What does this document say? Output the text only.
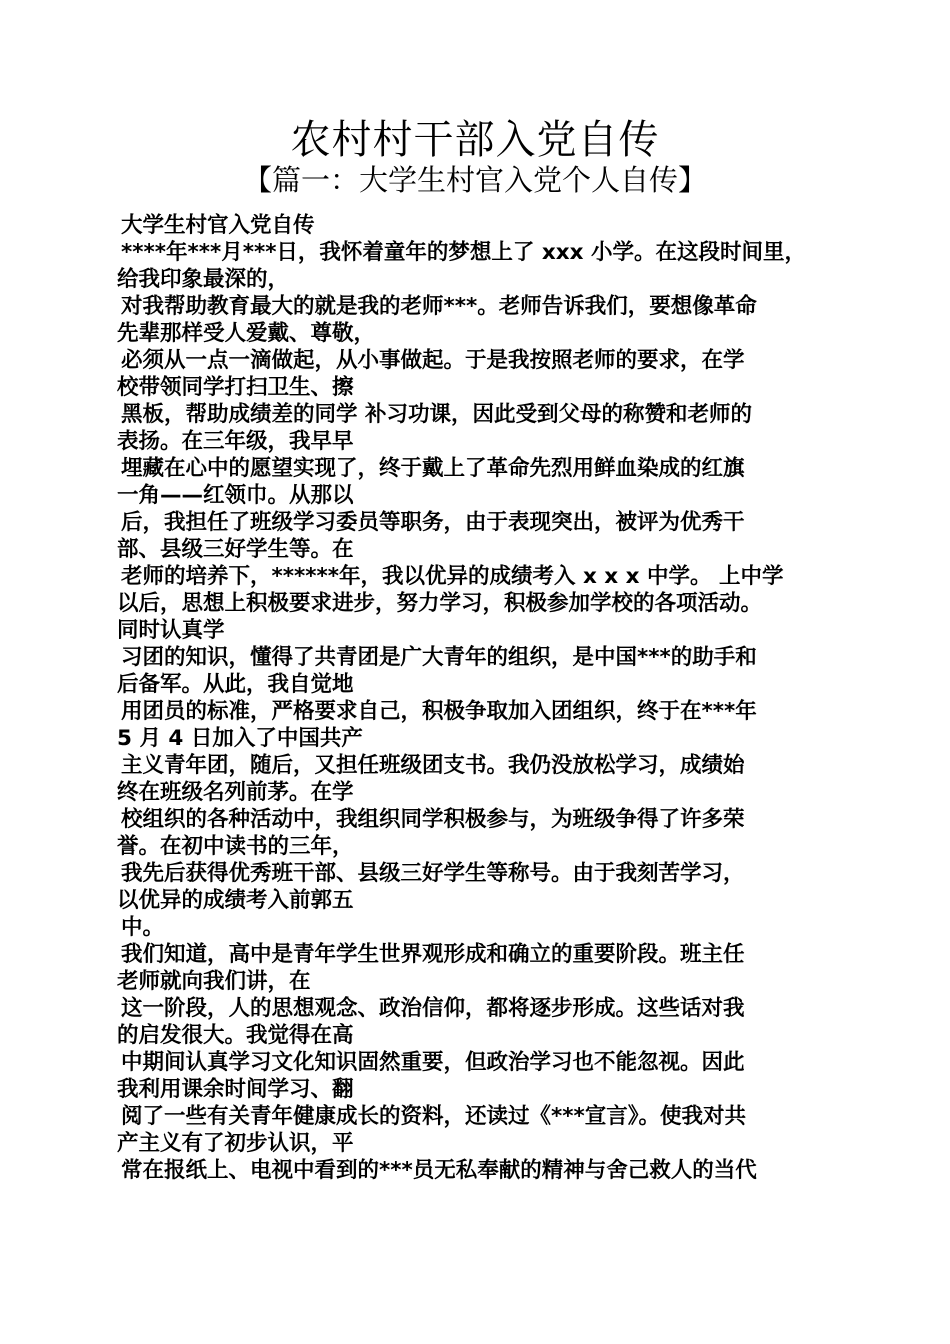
农村村干部入党自传
【篇一：大学生村官入党个人自传】
大学生村官入党自传
****年***月***日，我怀着童年的梦想上了 xxx 小学。在这段时间里，
给我印象最深的，
对我帮助教育最大的就是我的老师***。老师告诉我们，要想像革命
先辈那样受人爱戴、尊敬，
必须从一点一滴做起，从小事做起。于是我按照老师的要求，在学
校带领同学打扫卫生、擦
黑板，帮助成绩差的同学 补习功课，因此受到父母的称赞和老师的
表扬。在三年级，我早早
埋藏在心中的愿望实现了，终于戴上了革命先烈用鲜血染成的红旗
一角——红领巾。从那以
后，我担任了班级学习委员等职务，由于表现突出，被评为优秀干
部、县级三好学生等。在
老师的培养下，******年，我以优异的成绩考入 x x x 中学。 上中学
以后，思想上积极要求进步，努力学习，积极参加学校的各项活动。
同时认真学
习团的知识，懂得了共青团是广大青年的组织，是中国***的助手和
后备军。从此，我自觉地
用团员的标准，严格要求自己，积极争取加入团组织，终于在***年
5 月 4 日加入了中国共产
主义青年团，随后，又担任班级团支书。我仍没放松学习，成绩始
终在班级名列前茅。在学
校组织的各种活动中，我组织同学积极参与，为班级争得了许多荣
誉。在初中读书的三年，
我先后获得优秀班干部、县级三好学生等称号。由于我刻苦学习，
以优异的成绩考入前郭五
中。
我们知道，高中是青年学生世界观形成和确立的重要阶段。班主任
老师就向我们讲，在
这一阶段，人的思想观念、政治信仰，都将逐步形成。这些话对我
的启发很大。我觉得在高
中期间认真学习文化知识固然重要，但政治学习也不能忽视。因此
我利用课余时间学习、翻
阅了一些有关青年健康成长的资料，还读过《***宣言》。使我对共
产主义有了初步认识，平
常在报纸上、电视中看到的***员无私奉献的精神与舍己救人的当代
